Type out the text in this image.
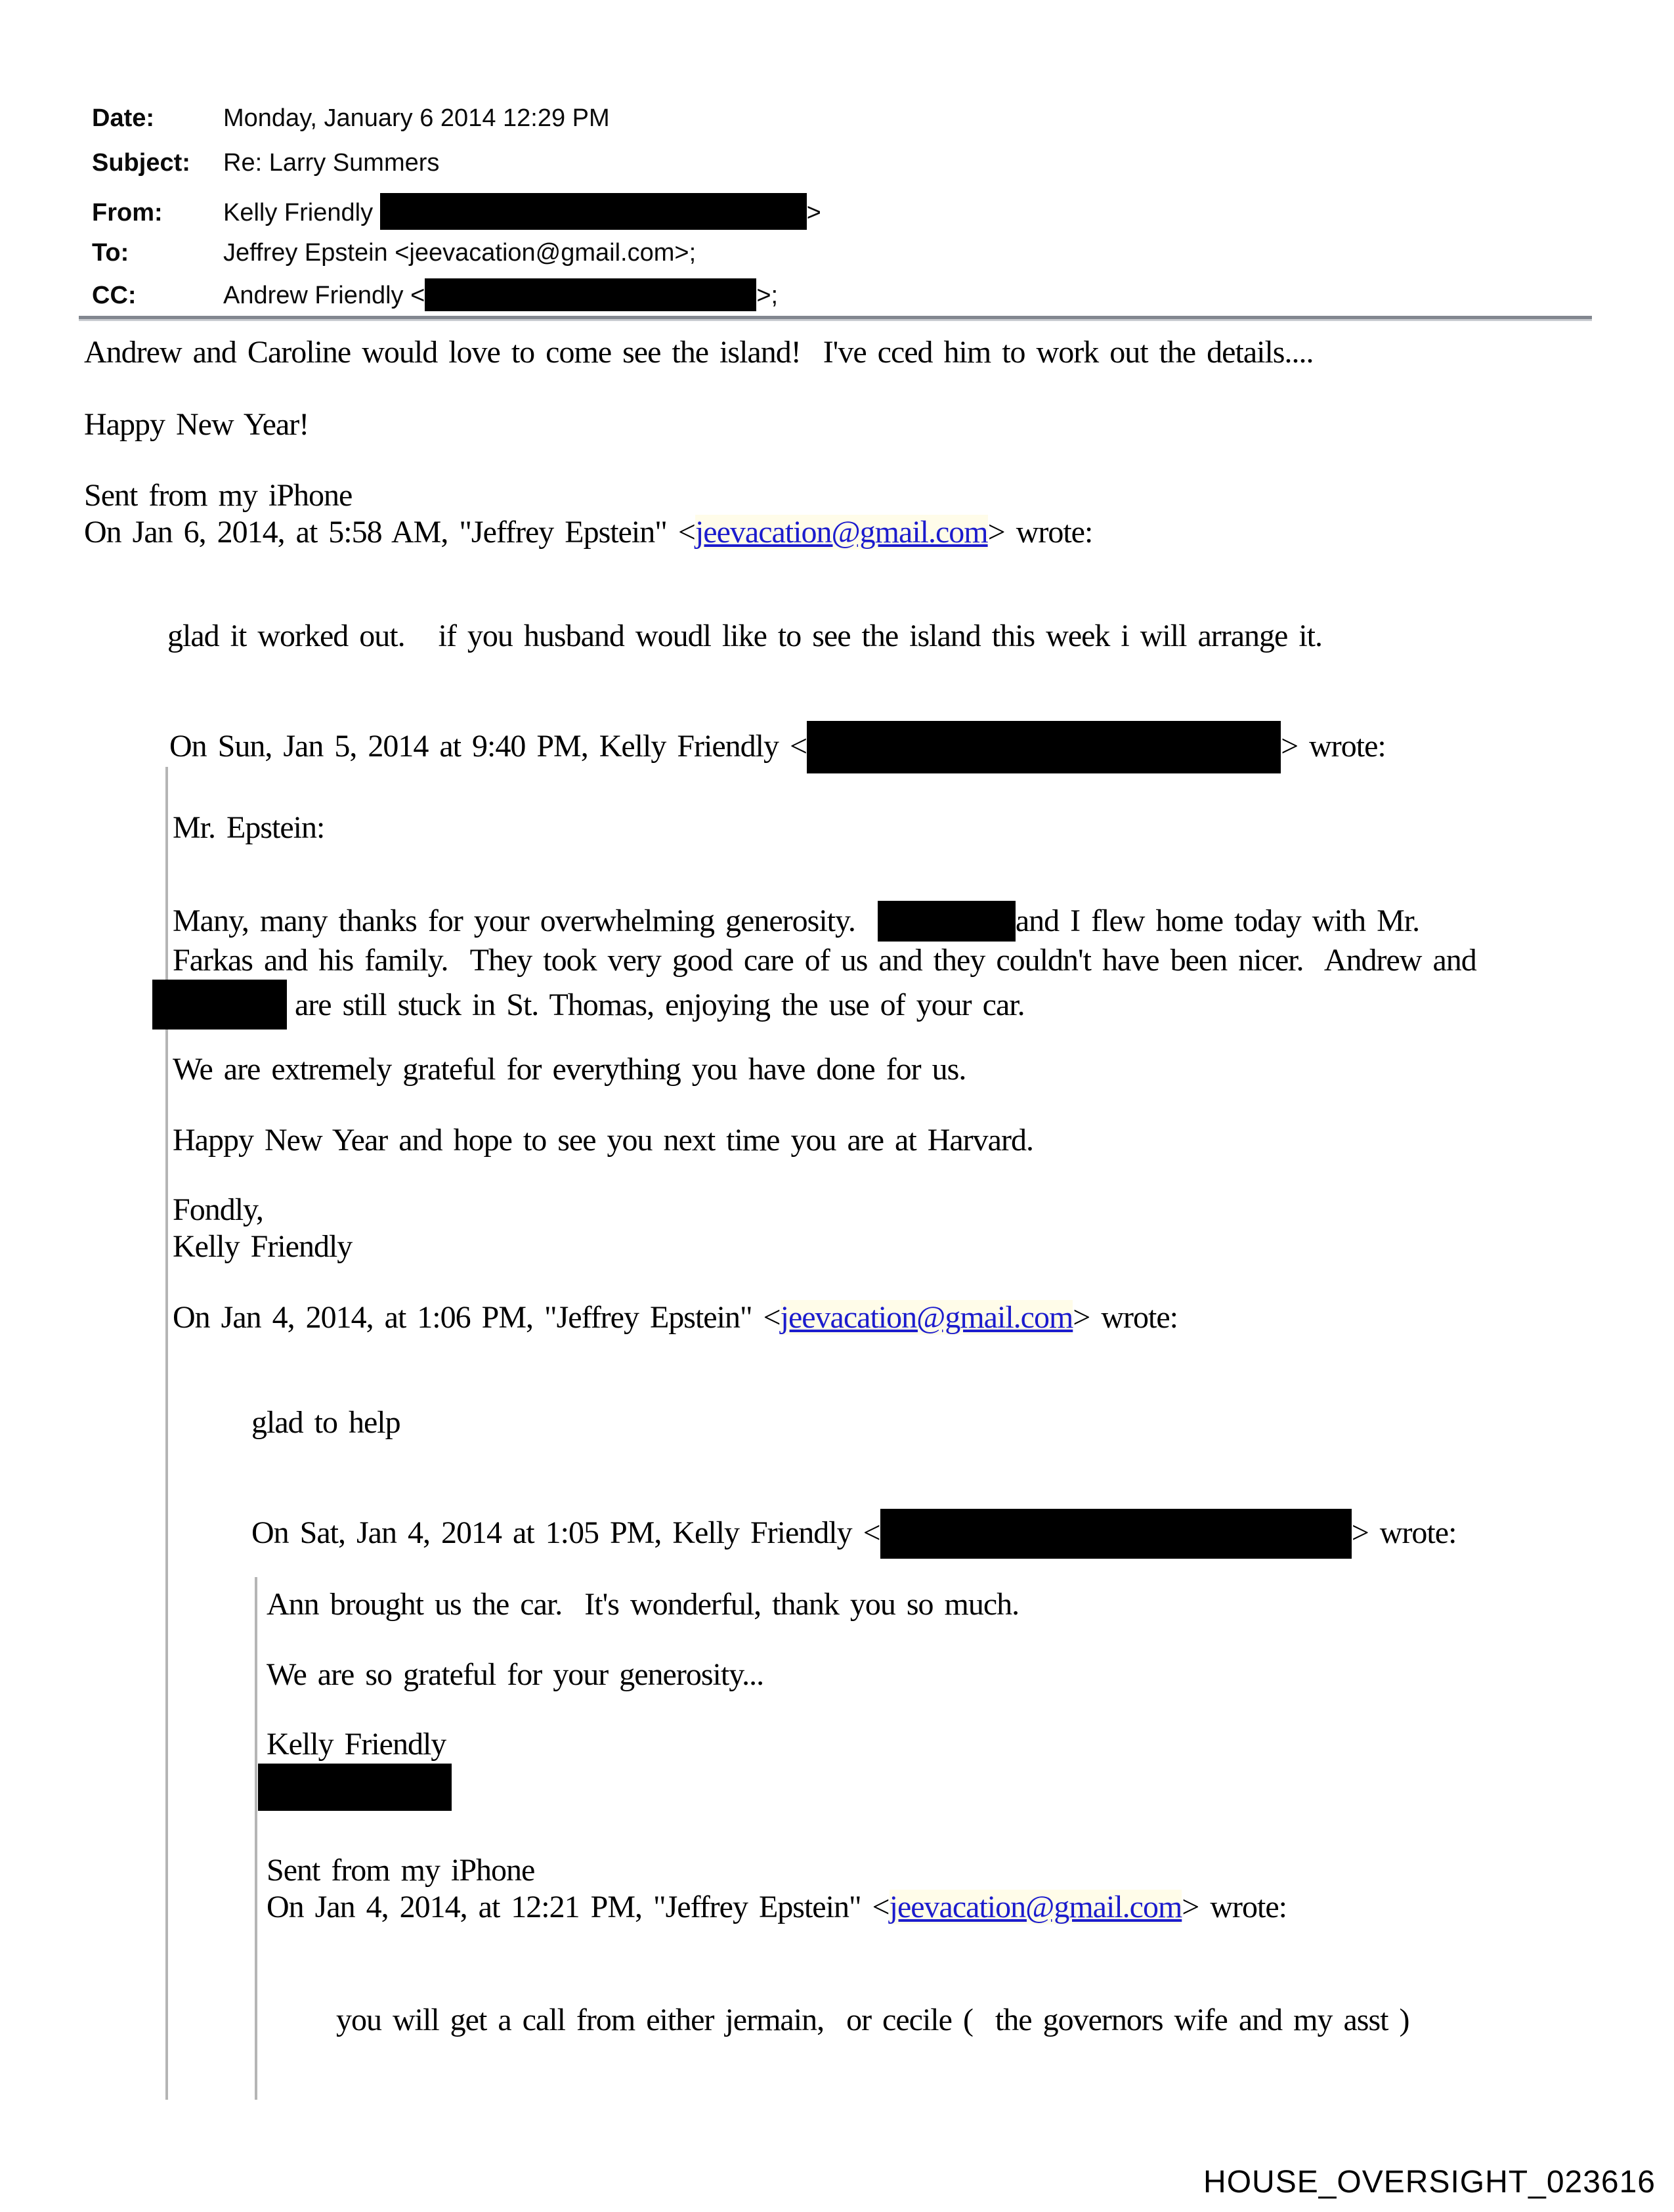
Date:	Monday, January 6 2014 12:29 PM
Subject: Re: Larry Summers
From: Kelly Friendly	>
To:	Jeffrey Epstein <jeevacation@gmail.com>;
CC:	Andrew Friendly <	>;
Andrew and Caroline would love to come see the island!  I've cced him to work out the details....
Happy New Year!
Sent from my iPhone
On Jan 6, 2014, at 5:58 AM, "Jeffrey Epstein" <jeevacation@gmail.com> wrote:
glad it worked out.   if you husband woudl like to see the island this week i will arrange it.
On Sun, Jan 5, 2014 at 9:40 PM, Kelly Friendly <	> wrote:
Mr. Epstein:
Many, many thanks for your overwhelming generosity.	and I flew home today with Mr.
Farkas and his family.  They took very good care of us and they couldn't have been nicer.  Andrew and
are still stuck in St. Thomas, enjoying the use of your car.
We are extremely grateful for everything you have done for us.
Happy New Year and hope to see you next time you are at Harvard.
Fondly,
Kelly Friendly
On Jan 4, 2014, at 1:06 PM, "Jeffrey Epstein" <jeevacation@gmail.com> wrote:
glad to help
On Sat, Jan 4, 2014 at 1:05 PM, Kelly Friendly <	> wrote:
Ann brought us the car.  It's wonderful, thank you so much.
We are so grateful for your generosity...
Kelly Friendly
Sent from my iPhone
On Jan 4, 2014, at 12:21 PM, "Jeffrey Epstein" <jeevacation@gmail.com> wrote:
you will get a call from either jermain,  or cecile (  the governors wife and my asst )
HOUSE_OVERSIGHT_023616
